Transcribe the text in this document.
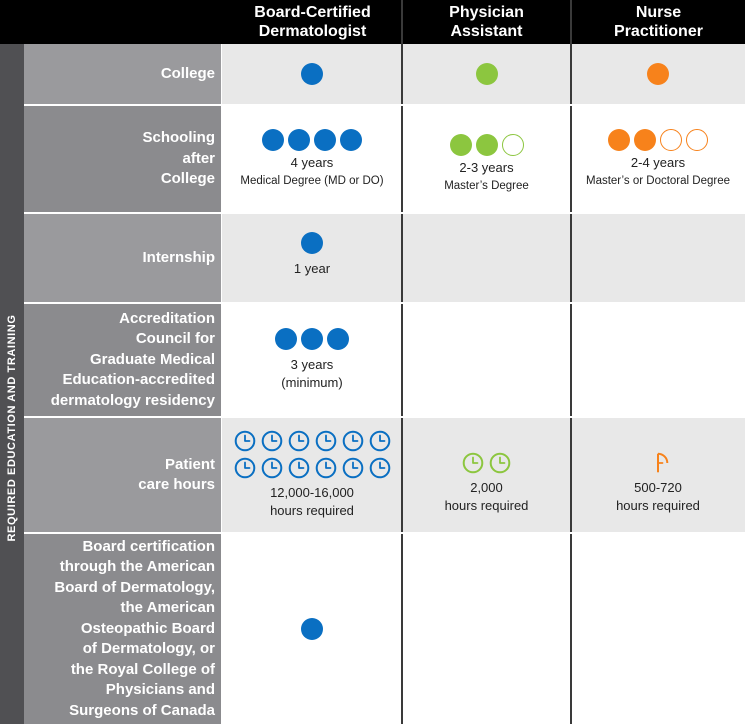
Board-Certified
Dermatologist
Physician
Assistant
Nurse
Practitioner
REQUIRED EDUCATION AND TRAINING
College
Schooling
after
College
Internship
Accreditation
Council for
Graduate Medical
Education-accredited
dermatology residency
Patient
care hours
Board certification
through the American
Board of Dermatology,
the American
Osteopathic Board
of Dermatology, or
the Royal College of
Physicians and
Surgeons of Canada
4 years
Medical Degree (MD or DO)
2-3 years
Master’s Degree
2-4 years
Master’s or Doctoral Degree
1 year
3 years
(minimum)
12,000-16,000
hours required
2,000
hours required
500-720
hours required
